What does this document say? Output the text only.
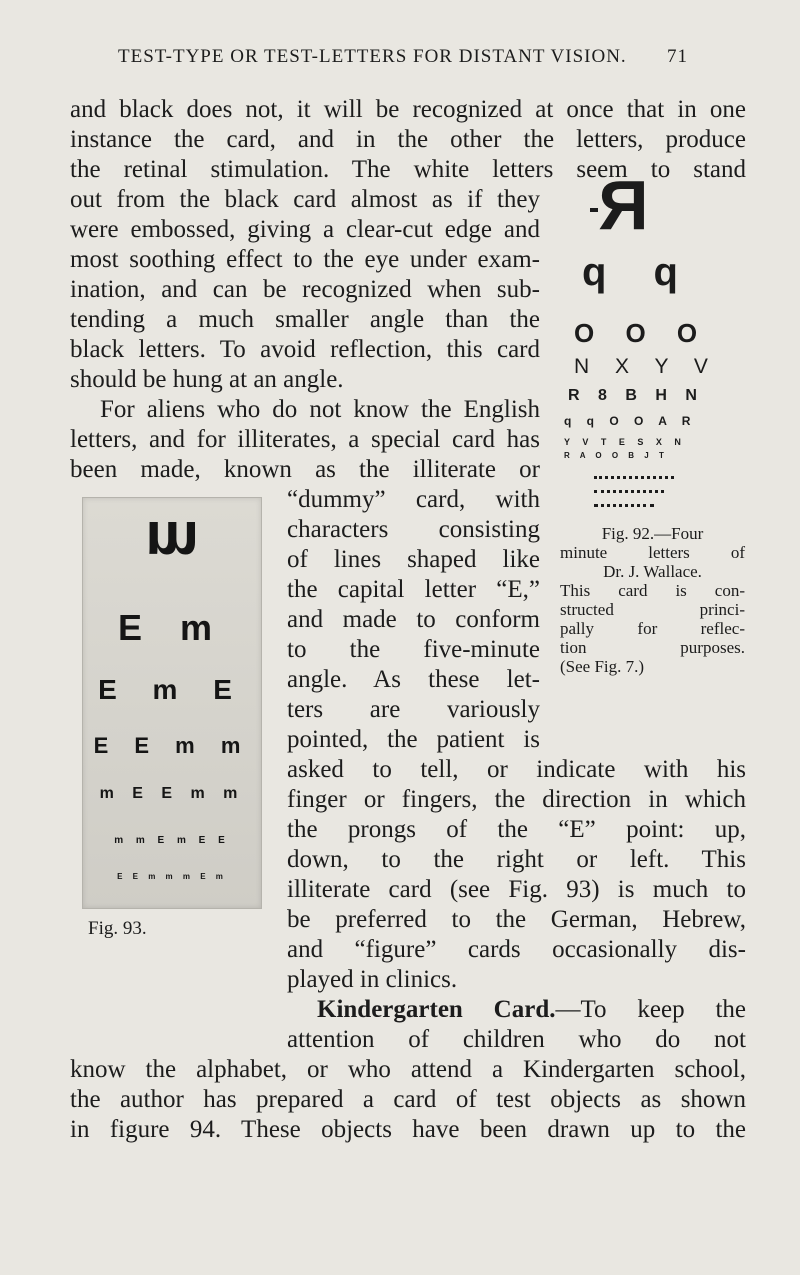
TEST-TYPE OR TEST-LETTERS FOR DISTANT VISION. 71
and black does not, it will be recognized at once that in one
instance the card, and in the other the letters, produce
the retinal stimulation. The white letters seem to stand
out from the black card almost as if they
were embossed, giving a clear-cut edge and
most soothing effect to the eye under exam-
ination, and can be recognized when sub-
tending a much smaller angle than the
black letters. To avoid reflection, this card
should be hung at an angle.
For aliens who do not know the English
letters, and for illiterates, a special card has
been made, known as the illiterate or
“dummy” card, with
characters consisting
of lines shaped like
the capital letter “E,”
and made to conform
to the five-minute
angle. As these let-
ters are variously
pointed, the patient is
asked to tell, or indicate with his
finger or fingers, the direction in which
the prongs of the “E” point: up,
down, to the right or left. This
illiterate card (see Fig. 93) is much to
be preferred to the German, Hebrew,
and “figure” cards occasionally dis-
played in clinics.
Kindergarten Card.—To keep the
attention of children who do not
know the alphabet, or who attend a Kindergarten school,
the author has prepared a card of test objects as shown
in figure 94. These objects have been drawn up to the
R
q q
O O O
N X Y V
R 8 B H N
q q O O A R
Y V T E S X N
R A O O B J T
Fig. 92.—Four
minute letters of
Dr. J. Wallace.
This card is con-
structed princi-
pally for reflec-
tion purposes.
(See Fig. 7.)
m
E m
E m E
E E m m
m E E m m
m m E m E E
E E m m m E m
Fig. 93.
